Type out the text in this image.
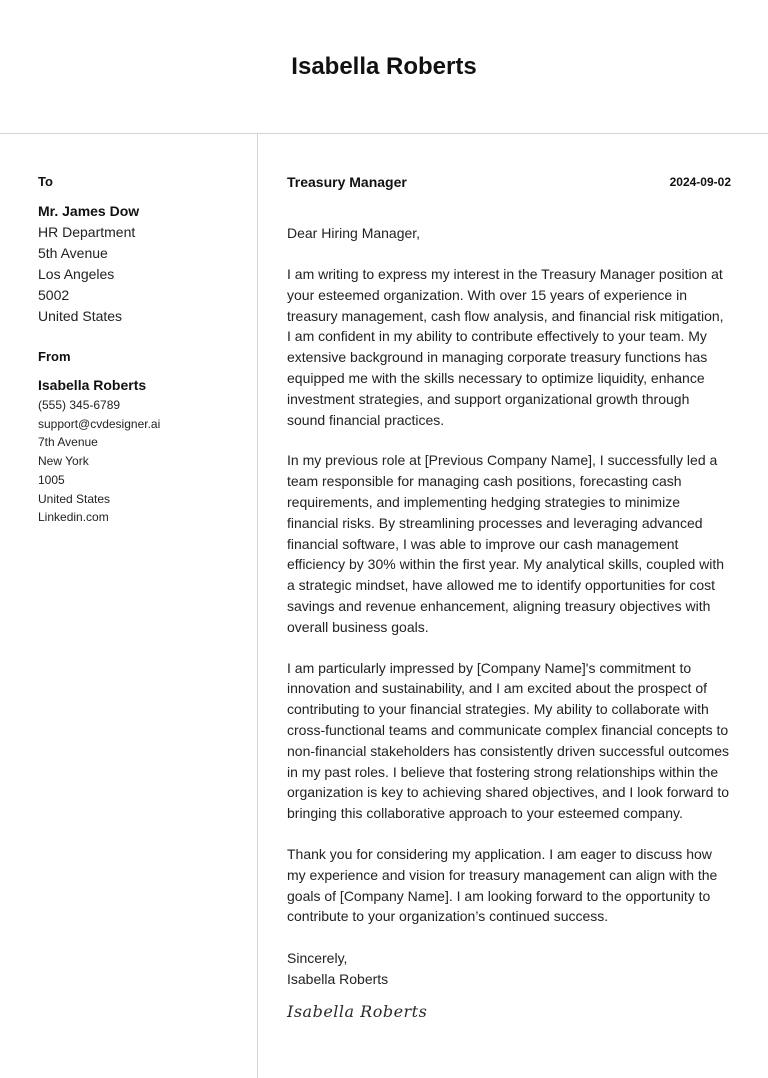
Isabella Roberts
To
Mr. James Dow
HR Department
5th Avenue
Los Angeles
5002
United States
From
Isabella Roberts
(555) 345-6789
support@cvdesigner.ai
7th Avenue
New York
1005
United States
Linkedin.com
Treasury Manager	2024-09-02
Dear Hiring Manager,
I am writing to express my interest in the Treasury Manager position at your esteemed organization. With over 15 years of experience in treasury management, cash flow analysis, and financial risk mitigation, I am confident in my ability to contribute effectively to your team. My extensive background in managing corporate treasury functions has equipped me with the skills necessary to optimize liquidity, enhance investment strategies, and support organizational growth through sound financial practices.
In my previous role at [Previous Company Name], I successfully led a team responsible for managing cash positions, forecasting cash requirements, and implementing hedging strategies to minimize financial risks. By streamlining processes and leveraging advanced financial software, I was able to improve our cash management efficiency by 30% within the first year. My analytical skills, coupled with a strategic mindset, have allowed me to identify opportunities for cost savings and revenue enhancement, aligning treasury objectives with overall business goals.
I am particularly impressed by [Company Name]'s commitment to innovation and sustainability, and I am excited about the prospect of contributing to your financial strategies. My ability to collaborate with cross-functional teams and communicate complex financial concepts to non-financial stakeholders has consistently driven successful outcomes in my past roles. I believe that fostering strong relationships within the organization is key to achieving shared objectives, and I look forward to bringing this collaborative approach to your esteemed company.
Thank you for considering my application. I am eager to discuss how my experience and vision for treasury management can align with the goals of [Company Name]. I am looking forward to the opportunity to contribute to your organization’s continued success.
Sincerely,
Isabella Roberts
Isabella Roberts
